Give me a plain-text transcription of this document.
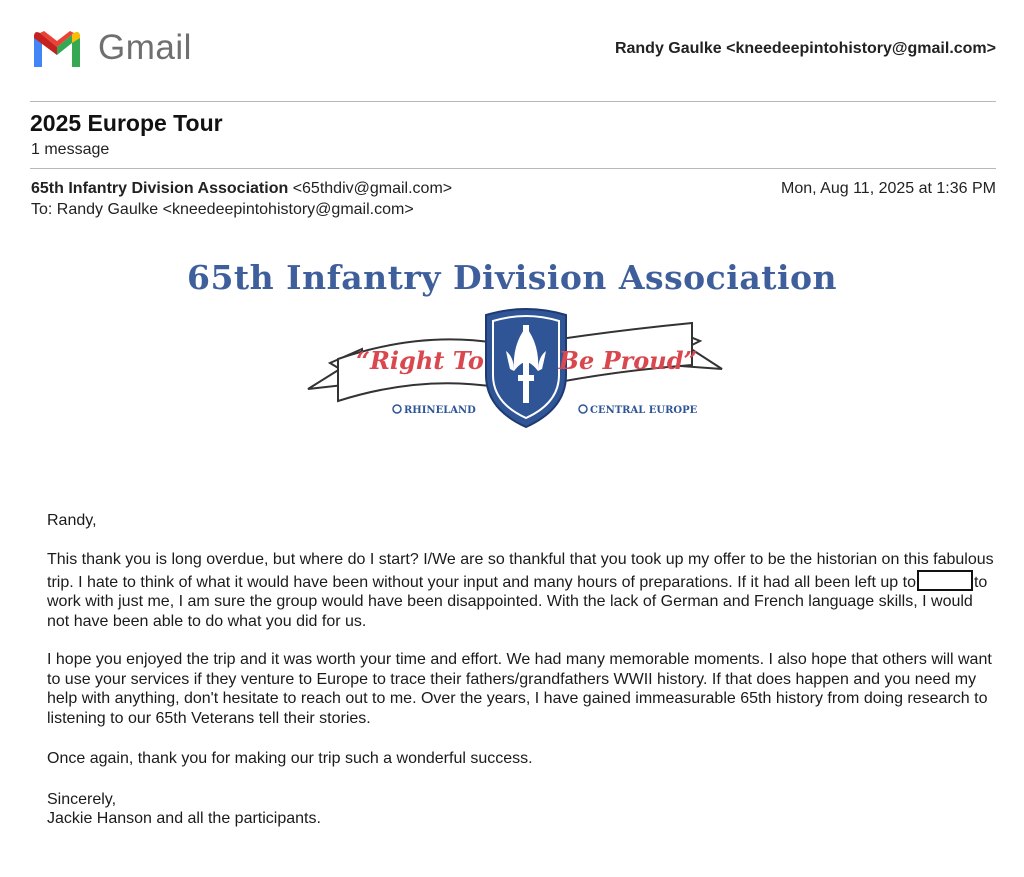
Gmail	Randy Gaulke <kneedeepintohistory@gmail.com>
2025 Europe Tour
1 message
65th Infantry Division Association <65thdiv@gmail.com>	Mon, Aug 11, 2025 at 1:36 PM
To: Randy Gaulke <kneedeepintohistory@gmail.com>
65th Infantry Division Association
“Right To	Be Proud”
RHINELAND	CENTRAL EUROPE
Randy,
This thank you is long overdue, but where do I start? I/We are so thankful that you took up my offer to be the historian on this fabulous trip. I hate to think of what it would have been without your input and many hours of preparations. If it had all been left up to	to work with just me, I am sure the group would have been disappointed. With the lack of German and French language skills, I would not have been able to do what you did for us.
I hope you enjoyed the trip and it was worth your time and effort. We had many memorable moments. I also hope that others will want to use your services if they venture to Europe to trace their fathers/grandfathers WWII history. If that does happen and you need my help with anything, don't hesitate to reach out to me. Over the years, I have gained immeasurable 65th history from doing research to listening to our 65th Veterans tell their stories.
Once again, thank you for making our trip such a wonderful success.
Sincerely,
Jackie Hanson and all the participants.
